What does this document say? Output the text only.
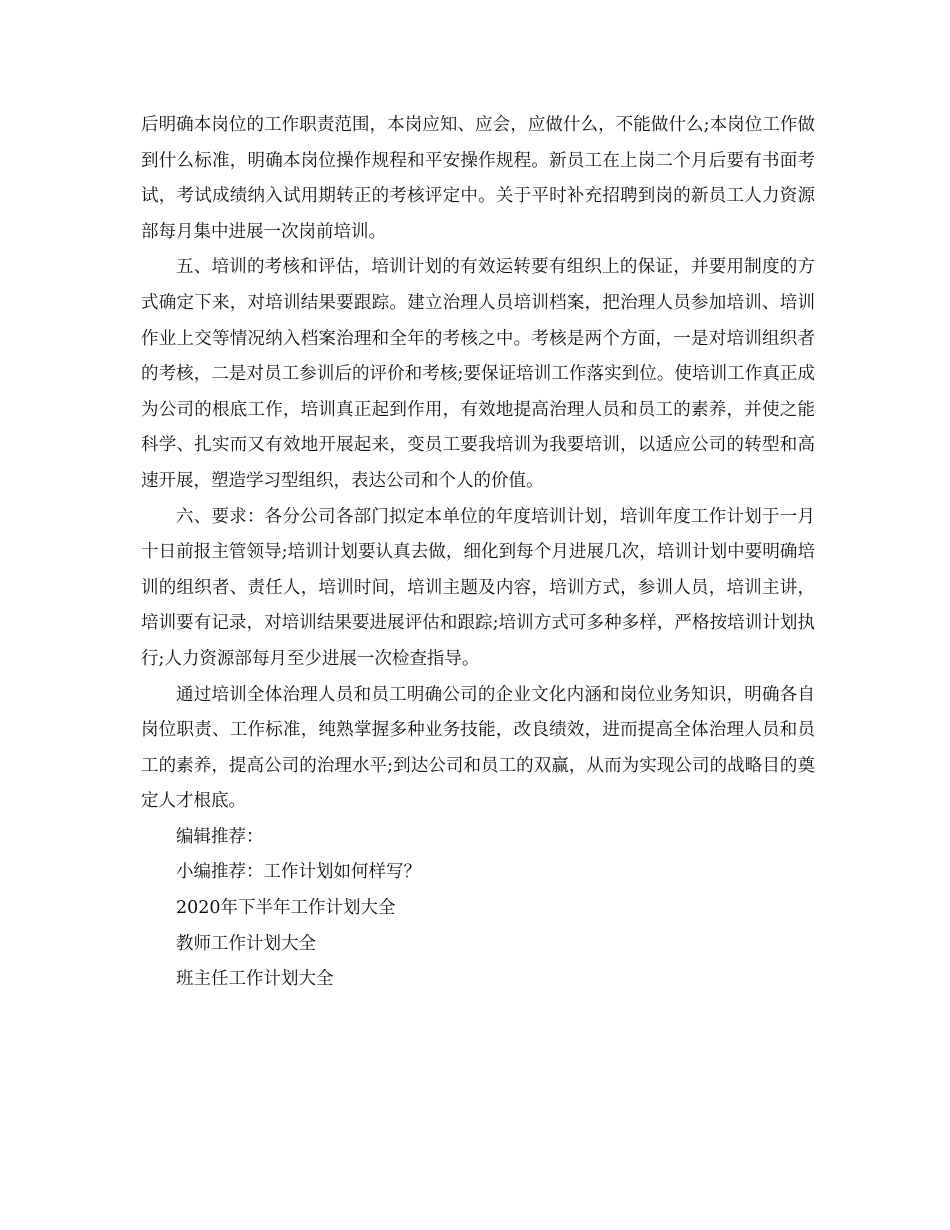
后明确本岗位的工作职责范围，本岗应知、应会，应做什么，不能做什么;本岗位工作做到什么标准，明确本岗位操作规程和平安操作规程。新员工在上岗二个月后要有书面考试，考试成绩纳入试用期转正的考核评定中。关于平时补充招聘到岗的新员工人力资源部每月集中进展一次岗前培训。

五、培训的考核和评估，培训计划的有效运转要有组织上的保证，并要用制度的方式确定下来，对培训结果要跟踪。建立治理人员培训档案，把治理人员参加培训、培训作业上交等情况纳入档案治理和全年的考核之中。考核是两个方面，一是对培训组织者的考核，二是对员工参训后的评价和考核;要保证培训工作落实到位。使培训工作真正成为公司的根底工作，培训真正起到作用，有效地提高治理人员和员工的素养，并使之能科学、扎实而又有效地开展起来，变员工要我培训为我要培训，以适应公司的转型和高速开展，塑造学习型组织，表达公司和个人的价值。

六、要求：各分公司各部门拟定本单位的年度培训计划，培训年度工作计划于一月十日前报主管领导;培训计划要认真去做，细化到每个月进展几次，培训计划中要明确培训的组织者、责任人，培训时间，培训主题及内容，培训方式，参训人员，培训主讲，培训要有记录，对培训结果要进展评估和跟踪;培训方式可多种多样，严格按培训计划执行;人力资源部每月至少进展一次检查指导。

通过培训全体治理人员和员工明确公司的企业文化内涵和岗位业务知识，明确各自岗位职责、工作标准，纯熟掌握多种业务技能，改良绩效，进而提高全体治理人员和员工的素养，提高公司的治理水平;到达公司和员工的双赢，从而为实现公司的战略目的奠定人才根底。

编辑推荐：

小编推荐：工作计划如何样写？

2020年下半年工作计划大全

教师工作计划大全

班主任工作计划大全
